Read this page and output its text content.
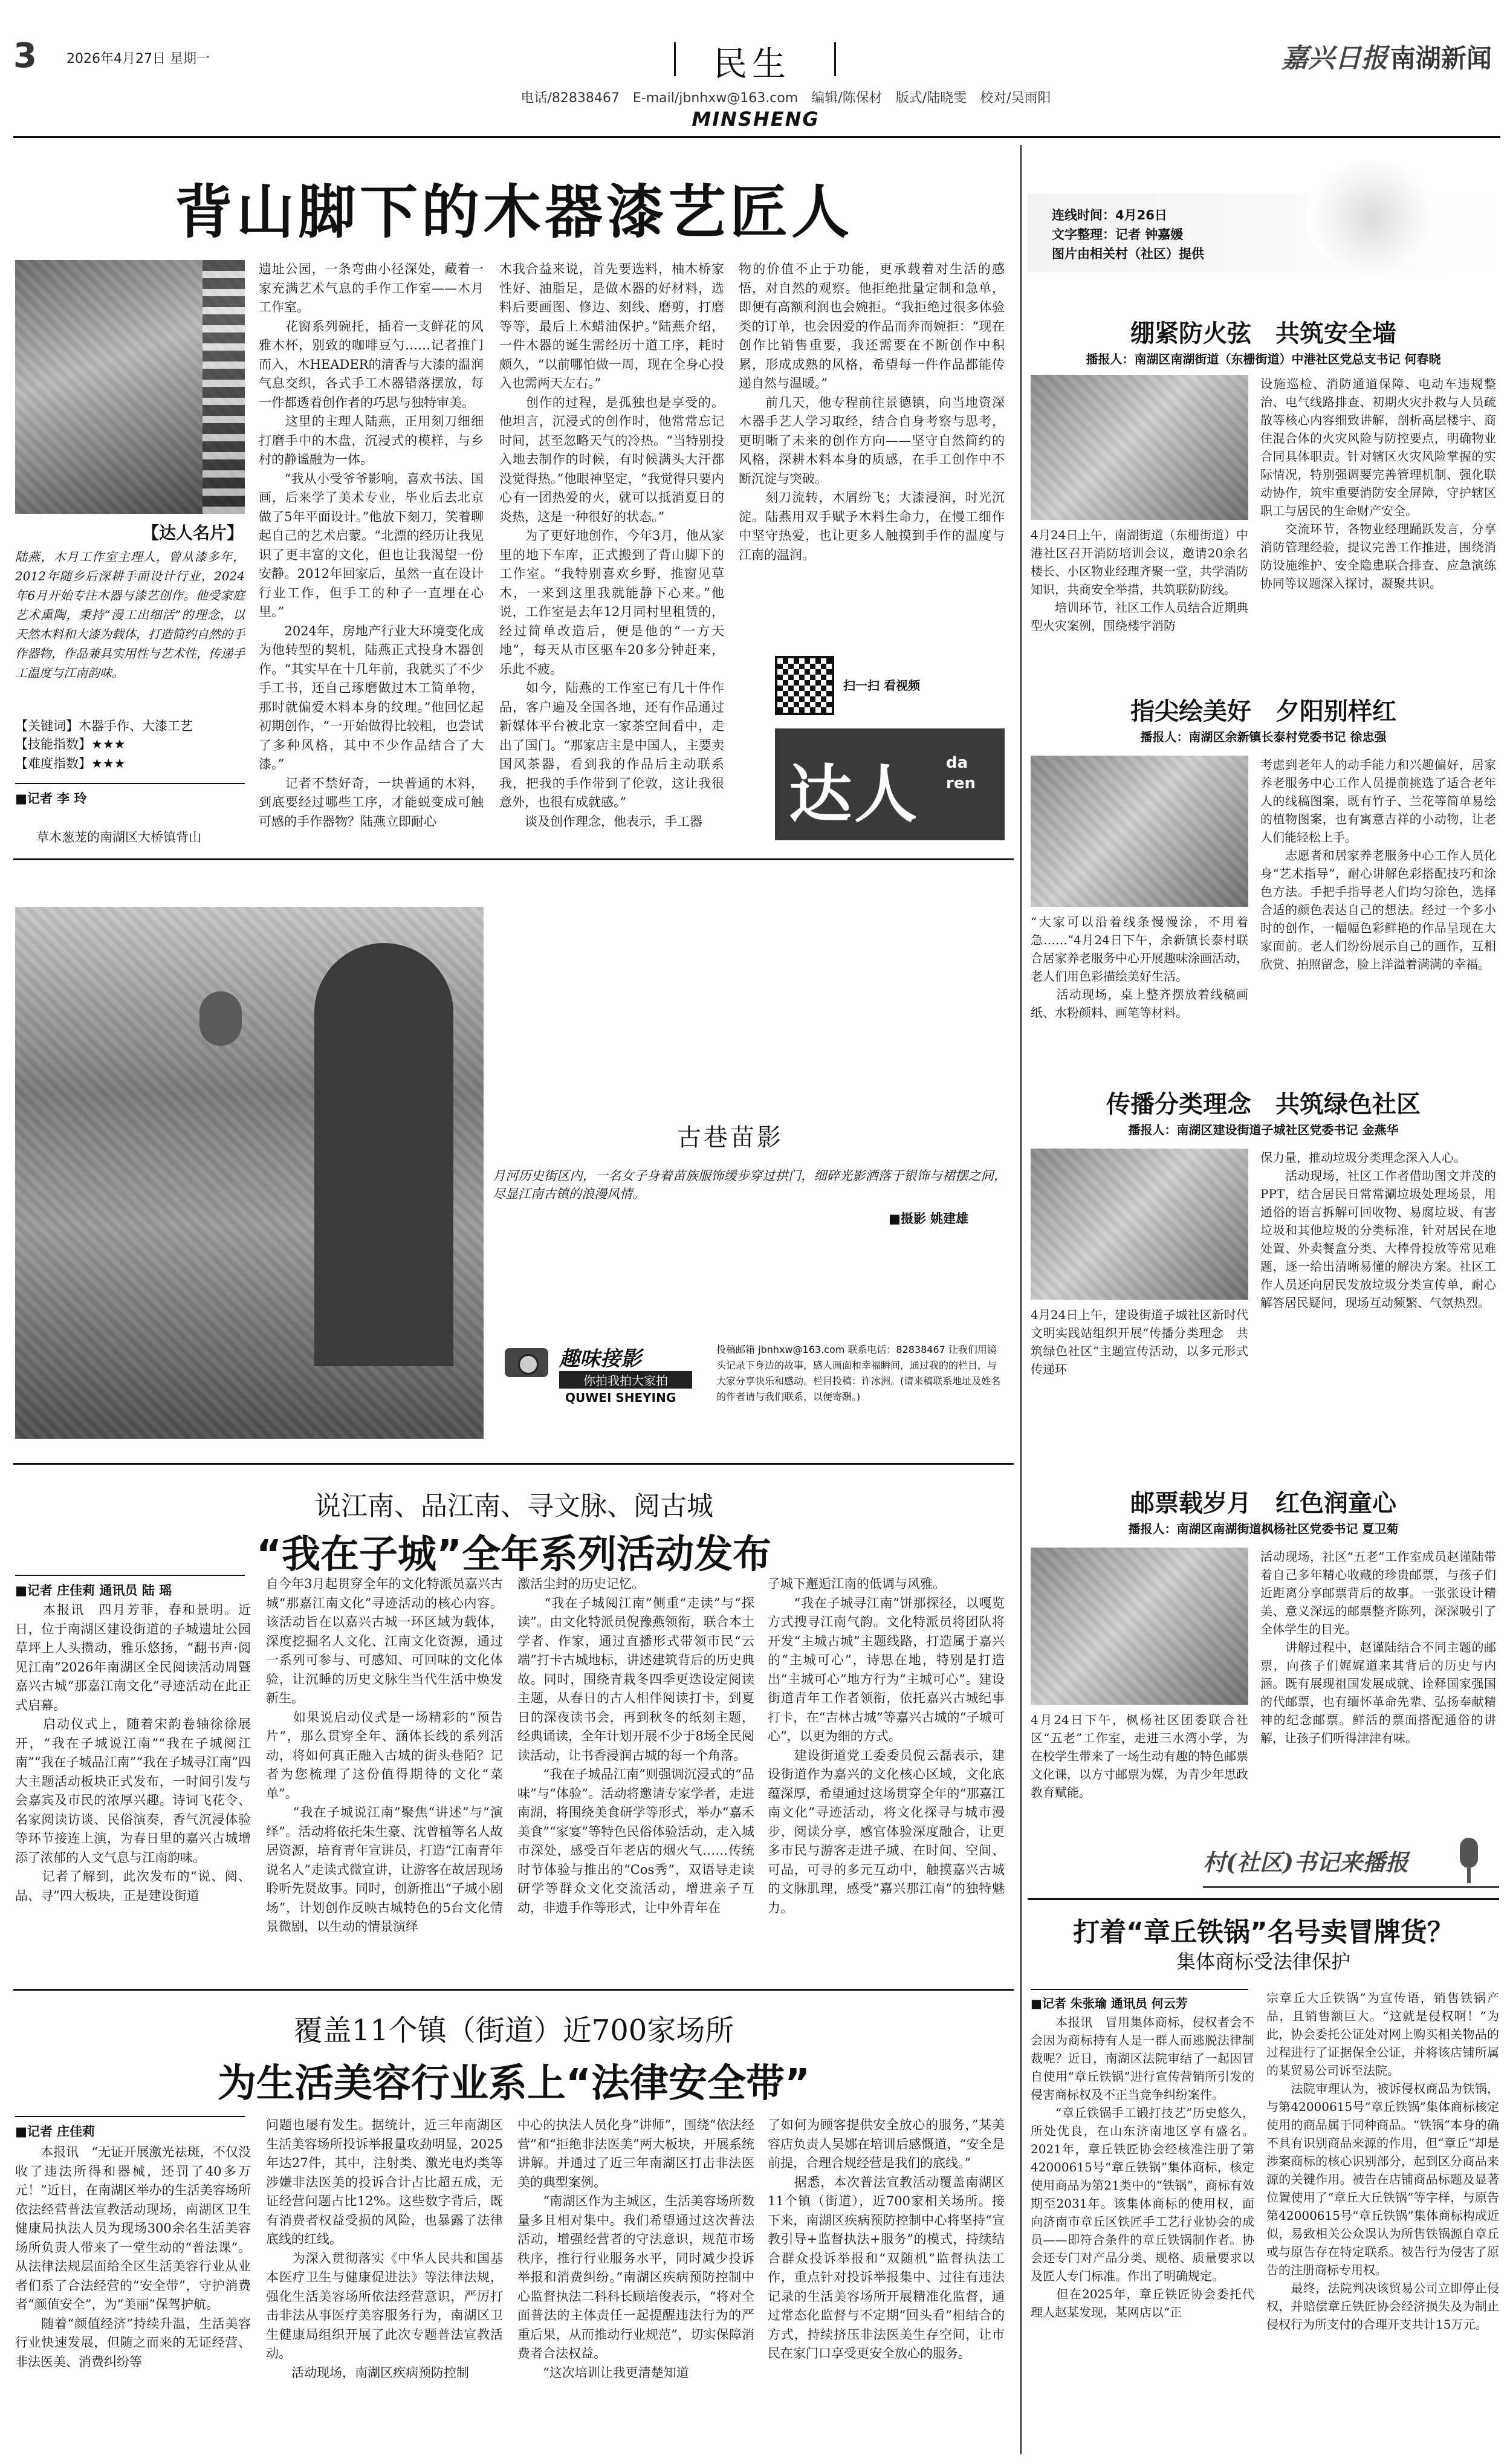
3 2026年4月27日 星期一	民生
电话/82838467　E-mail/jbnhxw@163.com　编辑/陈保材　版式/陆晓雯　校对/吴雨阳
MINSHENG
嘉兴日报 南湖新闻
背山脚下的木器漆艺匠人
【达人名片】
陆燕，木月工作室主理人，曾从漆多年，2012年随乡后深耕手面设计行业，2024年6月开始专注木器与漆艺创作。他受家庭艺术熏陶，秉持“漫工出细活”的理念，以天然木料和大漆为载体，打造简约自然的手作器物，作品兼具实用性与艺术性，传递手工温度与江南韵味。
【关键词】木器手作、大漆工艺
【技能指数】★★★
【难度指数】★★★
■记者 李 玲
草木葱茏的南湖区大桥镇背山
遗址公园，一条弯曲小径深处，藏着一家充满艺术气息的手作工作室——木月工作室。
　　花窗系列碗托，插着一支鲜花的风雅木杯，别致的咖啡豆勺……记者推门而入，木HEADER的清香与大漆的温润气息交织，各式手工木器错落摆放，每一件都透着创作者的巧思与独特审美。
　　这里的主理人陆燕，正用刻刀细细打磨手中的木盘，沉浸式的模样，与乡村的静谧融为一体。
　　“我从小受爷爷影响，喜欢书法、国画，后来学了美术专业，毕业后去北京做了5年平面设计。”他放下刻刀，笑着聊起自己的艺术启蒙。“北漂的经历让我见识了更丰富的文化，但也让我渴望一份安静。2012年回家后，虽然一直在设计行业工作，但手工的种子一直埋在心里。”
　　2024年，房地产行业大环境变化成为他转型的契机，陆燕正式投身木器创作。“其实早在十几年前，我就买了不少手工书，还自己琢磨做过木工简单物，那时就偏爱木料本身的纹理。”他回忆起初期创作，“一开始做得比较粗，也尝试了多种风格，其中不少作品结合了大漆。”
　　记者不禁好奇，一块普通的木料，到底要经过哪些工序，才能蜕变成可触可感的手作器物？陆燕立即耐心
木我合益来说，首先要选料，柚木桥家性好、油脂足，是做木器的好材料，选料后要画图、修边、刻线、磨剪，打磨等等，最后上木蜡油保护。”陆燕介绍，一件木器的诞生需经历十道工序，耗时颇久，“以前哪怕做一周，现在全身心投入也需两天左右。”
　　创作的过程，是孤独也是享受的。他坦言，沉浸式的创作时，他常常忘记时间，甚至忽略天气的冷热。“当特别投入地去制作的时候，有时候满头大汗都没觉得热。”他眼神坚定，“我觉得只要内心有一团热爱的火，就可以抵消夏日的炎热，这是一种很好的状态。”
　　为了更好地创作，今年3月，他从家里的地下车库，正式搬到了背山脚下的工作室。“我特别喜欢乡野，推窗见草木，一来到这里我就能静下心来。”他说，工作室是去年12月同村里租赁的，经过简单改造后，便是他的“一方天地”，每天从市区驱车20多分钟赶来，乐此不疲。
　　如今，陆燕的工作室已有几十件作品，客户遍及全国各地，还有作品通过新媒体平台被北京一家茶空间看中，走出了国门。“那家店主是中国人，主要卖国风茶器，看到我的作品后主动联系我，把我的手作带到了伦敦，这让我很意外，也很有成就感。”
　　谈及创作理念，他表示，手工器
物的价值不止于功能，更承载着对生活的感悟，对自然的观察。他拒绝批量定制和急单，即便有高额利润也会婉拒。“我拒绝过很多体验类的订单，也会因爱的作品而奔而婉拒：“现在创作比销售重要，我还需要在不断创作中积累，形成成熟的风格，希望每一件作品都能传递自然与温暖。”
　　前几天，他专程前往景德镇，向当地资深木器手艺人学习取经，结合自身考察与思考，更明晰了未来的创作方向——坚守自然简约的风格，深耕木料本身的质感，在手工创作中不断沉淀与突破。
　　刻刀流转，木屑纷飞；大漆浸润，时光沉淀。陆燕用双手赋予木料生命力，在慢工细作中坚守热爱，也让更多人触摸到手作的温度与江南的温润。
扫一扫 看视频
达人 da ren
古巷苗影
月河历史街区内，一名女子身着苗族服饰缓步穿过拱门，细碎光影洒落于银饰与裙摆之间，尽显江南古镇的浪漫风情。
■摄影 姚建雄
趣味接影
你拍我拍大家拍
QUWEI SHEYING
投稿邮箱 jbnhxw@163.com 联系电话：82838467 让我们用镜头记录下身边的故事，感人画面和幸福瞬间，通过我的的栏目，与大家分享快乐和感动。栏目投稿：许冰洲。(请来稿联系地址及姓名的作者请与我们联系，以便寄酬。)
说江南、品江南、寻文脉、阅古城
“我在子城”全年系列活动发布
■记者 庄佳莉 通讯员 陆 瑶
　　本报讯　四月芳菲，春和景明。近日，位于南湖区建设街道的子城遗址公园草坪上人头攒动，雅乐悠扬，“翻书声·阅见江南”2026年南湖区全民阅读活动周暨嘉兴古城“那嘉江南文化”寻迹活动在此正式启幕。
　　启动仪式上，随着宋韵卷轴徐徐展开，“我在子城说江南”“我在子城阅江南”“我在子城品江南”“我在子城寻江南”四大主题活动板块正式发布，一时间引发与会嘉宾及市民的浓厚兴趣。诗词飞花令、名家阅读访谈、民俗演奏，香气沉浸体验等环节接连上演，为春日里的嘉兴古城增添了浓郁的人文气息与江南韵味。
　　记者了解到，此次发布的“说、阅、品、寻”四大板块，正是建设街道
自今年3月起贯穿全年的文化特派员嘉兴古城“那嘉江南文化”寻迹活动的核心内容。该活动旨在以嘉兴古城一环区域为载体，深度挖掘名人文化、江南文化资源，通过一系列可参与、可感知、可回味的文化体验，让沉睡的历史文脉生当代生活中焕发新生。
　　如果说启动仪式是一场精彩的“预告片”，那么贯穿全年、涵体长线的系列活动，将如何真正融入古城的街头巷陌？记者为您梳理了这份值得期待的文化“菜单”。
　　“我在子城说江南”聚焦“讲述”与“演绎”。活动将依托朱生豪、沈曾植等名人故居资源，培育青年宣讲员，打造“江南青年说名人”走读式微宣讲，让游客在故居现场聆听先贤故事。同时，创新推出“子城小剧场”，计划创作反映古城特色的5台文化情景微剧，以生动的情景演绎
激活尘封的历史记忆。
　　“我在子城阅江南”侧重“走读”与“探读”。由文化特派员倪豫燕领衔，联合本土学者、作家，通过直播形式带领市民“云端”打卡古城地标，讲述建筑背后的历史典故。同时，围绕青栽冬四季更迭设定阅读主题，从春日的古人相伴阅读打卡，到夏日的深夜读书会，再到秋冬的纸刻主题，经典诵读，全年计划开展不少于8场全民阅读活动，让书香浸润古城的每一个角落。
　　“我在子城品江南”则强调沉浸式的“品味”与“体验”。活动将邀请专家学者，走进南湖，将围绕美食研学等形式，举办“嘉禾美食”“家宴”等特色民俗体验活动，走入城市深处，感受百年老店的烟火气……传统时节体验与推出的“Cos秀”，双语导走读研学等群众文化交流活动，增进亲子互动，非遗手作等形式，让中外青年在
子城下邂逅江南的低调与风雅。
　　“我在子城寻江南”饼那探径，以嘎览方式搜寻江南气韵。文化特派员将团队将开发“主城古城”主题线路，打造属于嘉兴的“主城可心”，诗思在地，特别是打造出“主城可心”地方行为“主城可心”。建设街道青年工作者领衔，依托嘉兴古城纪事打卡，在“吉林古城”等嘉兴古城的“子城可心”，以更为细的方式。
　　建设街道党工委委员倪云磊表示，建设街道作为嘉兴的文化核心区域，文化底蕴深厚，希望通过这场贯穿全年的“那嘉江南文化”寻迹活动，将文化探寻与城市漫步，阅读分享，感官体验深度融合，让更多市民与游客走进子城、在时间、空间、可品，可寻的多元互动中，触摸嘉兴古城的文脉肌理，感受“嘉兴那江南”的独特魅力。
覆盖11个镇（街道）近700家场所
为生活美容行业系上“法律安全带”
■记者 庄佳莉
　　本报讯　“无证开展激光祛斑，不仅没收了违法所得和器械，还罚了40多万元！”近日，在南湖区举办的生活美容场所依法经营普法宣教活动现场，南湖区卫生健康局执法人员为现场300余名生活美容场所负责人带来了一堂生动的“普法课”。从法律法规层面给全区生活美容行业从业者们系了合法经营的“安全带”，守护消费者“颜值安全”，为“美丽”保驾护航。
　　随着“颜值经济”持续升温，生活美容行业快速发展，但随之而来的无证经营、非法医美、消费纠纷等
问题也屡有发生。据统计，近三年南湖区生活美容场所投诉举报量攻劲明显，2025年达27件，其中，注射类、激光电灼类等涉嫌非法医美的投诉合计占比超五成，无证经营问题占比12%。这些数字背后，既有消费者权益受损的风险，也暴露了法律底线的红线。
　　为深入贯彻落实《中华人民共和国基本医疗卫生与健康促进法》等法律法规，强化生活美容场所依法经营意识，严厉打击非法从事医疗美容服务行为，南湖区卫生健康局组织开展了此次专题普法宣教活动。
　　活动现场，南湖区疾病预防控制
中心的执法人员化身“讲师”，围绕“依法经营”和“拒绝非法医美”两大板块，开展系统讲解。并通过了近三年南湖区打击非法医美的典型案例。
　　“南湖区作为主城区，生活美容场所数量多且相对集中。我们希望通过这次普法活动，增强经营者的守法意识，规范市场秩序，推行行业服务水平，同时减少投诉举报和消费纠纷。”南湖区疾病预防控制中心监督执法二科科长顾培俊表示，“将对全面普法的主体责任一起提醒违法行为的严重后果，从而推动行业规范”，切实保障消费者合法权益。
　　“这次培训让我更清楚知道
了如何为顾客提供安全放心的服务，”某美容店负责人吴娜在培训后感慨道，“安全是前提，合理合规经营是我们的底线。”
　　据悉，本次普法宣教活动覆盖南湖区11个镇（街道），近700家相关场所。接下来，南湖区疾病预防控制中心将坚持“宣教引导+监督执法+服务”的模式，持续结合群众投诉举报和“双随机”监督执法工作，重点针对投诉举报集中、过往有违法记录的生活美容场所开展精准化监督，通过常态化监督与不定期“回头看”相结合的方式，持续挤压非法医美生存空间，让市民在家门口享受更安全放心的服务。
连线时间：4月26日
文字整理：记者 钟嘉媛
图片由相关村（社区）提供
绷紧防火弦　共筑安全墙
播报人：南湖区南湖街道（东栅街道）中港社区党总支书记 何春晓
4月24日上午，南湖街道（东栅街道）中港社区召开消防培训会议，邀请20余名楼长、小区物业经理齐聚一堂，共学消防知识，共商安全举措，共筑联防防线。
　　培训环节，社区工作人员结合近期典型火灾案例，围绕楼宇消防
设施巡检、消防通道保障、电动车违规整治、电气线路排查、初期火灾扑救与人员疏散等核心内容细致讲解，剖析高层楼宇、商住混合体的火灾风险与防控要点，明确物业合同具体职责。针对辖区火灾风险掌握的实际情况，特别强调要完善管理机制、强化联动协作，筑牢重要消防安全屏障，守护辖区职工与居民的生命财产安全。
　　交流环节，各物业经理踊跃发言，分享消防管理经验，提议完善工作推进，围绕消防设施维护、安全隐患联合排查、应急演练协同等议题深入探讨，凝聚共识。
指尖绘美好　夕阳别样红
播报人：南湖区余新镇长泰村党委书记 徐忠强
“大家可以沿着线条慢慢涂，不用着急……”4月24日下午，余新镇长泰村联合居家养老服务中心开展趣味涂画活动，老人们用色彩描绘美好生活。
　　活动现场，桌上整齐摆放着线稿画纸、水粉颜料、画笔等材料。
考虑到老年人的动手能力和兴趣偏好，居家养老服务中心工作人员提前挑选了适合老年人的线稿图案，既有竹子、兰花等简单易绘的植物图案，也有寓意吉祥的小动物，让老人们能轻松上手。
　　志愿者和居家养老服务中心工作人员化身“艺术指导”，耐心讲解色彩搭配技巧和涂色方法。手把手指导老人们均匀涂色，选择合适的颜色表达自己的想法。经过一个多小时的创作，一幅幅色彩鲜艳的作品呈现在大家面前。老人们纷纷展示自己的画作，互相欣赏、拍照留念，脸上洋溢着满满的幸福。
传播分类理念　共筑绿色社区
播报人：南湖区建设街道子城社区党委书记 金燕华
4月24日上午，建设街道子城社区新时代文明实践站组织开展“传播分类理念　共筑绿色社区”主题宣传活动，以多元形式传递环
保力量，推动垃圾分类理念深入人心。
　　活动现场，社区工作者借助图文并茂的PPT，结合居民日常常涮垃圾处理场景，用通俗的语言拆解可回收物、易腐垃圾、有害垃圾和其他垃圾的分类标准，针对居民在地处置、外卖餐盒分类、大棒骨投放等常见难题，逐一给出清晰易懂的解决方案。社区工作人员还向居民发放垃圾分类宣传单，耐心解答居民疑问，现场互动频繁、气氛热烈。
邮票载岁月　红色润童心
播报人：南湖区南湖街道枫杨社区党委书记 夏卫菊
4月24日下午，枫杨社区团委联合社区“五老”工作室，走进三水湾小学，为在校学生带来了一场生动有趣的特色邮票文化课，以方寸邮票为媒，为青少年思政教育赋能。
活动现场，社区“五老”工作室成员赵谨陆带着自己多年精心收藏的珍贵邮票，与孩子们近距离分享邮票背后的故事。一张张设计精美、意义深远的邮票整齐陈列，深深吸引了全体学生的目光。
　　讲解过程中，赵谨陆结合不同主题的邮票，向孩子们娓娓道来其背后的历史与内涵。既有展现祖国发展成就、诠释国家强国的代邮票，也有缅怀革命先辈、弘扬奉献精神的纪念邮票。鲜活的票面搭配通俗的讲解，让孩子们听得津津有味。
村(社区)书记来播报
打着“章丘铁锅”名号卖冒牌货？
集体商标受法律保护
■记者 朱张瑜 通讯员 何云芳
　　本报讯　冒用集体商标，侵权者会不会因为商标持有人是一群人而逃脱法律制裁呢？近日，南湖区法院审结了一起因冒自使用“章丘铁锅”进行宣传营销所引发的侵害商标权及不正当竞争纠纷案件。
　　“章丘铁锅手工锻打技艺”历史悠久，所处优良，在山东济南地区享有盛名。2021年，章丘铁匠协会经核准注册了第42000615号“章丘铁锅”集体商标，核定使用商品为第21类中的“铁锅”，商标有效期至2031年。该集体商标的使用权，面向济南市章丘区铁匠手工艺行业协会的成员——即符合条件的章丘铁锅制作者。协会还专门对产品分类、规格、质量要求以及匠人专门标准。作出了明确规定。
　　但在2025年，章丘铁匠协会委托代理人赵某发现，某网店以“正
宗章丘大丘铁锅”为宣传语，销售铁锅产品，且销售额巨大。“这就是侵权啊！”为此，协会委托公证处对网上购买相关物品的过程进行了证据保全公证，并将该店铺所属的某贸易公司诉至法院。
　　法院审理认为，被诉侵权商品为铁锅，与第42000615号“章丘铁锅”集体商标核定使用的商品属于同种商品。“铁锅”本身的确不具有识别商品来源的作用，但“章丘”却是涉案商标的核心识别部分，起到区分商品来源的关键作用。被告在店铺商品标题及显著位置使用了“章丘大丘铁锅”等字样，与原告第42000615号“章丘铁锅”集体商标构成近似，易致相关公众误认为所售铁锅源自章丘或与原告存在特定联系。被告行为侵害了原告的注册商标专用权。
　　最终，法院判决该贸易公司立即停止侵权，并赔偿章丘铁匠协会经济损失及为制止侵权行为所支付的合理开支共计15万元。
